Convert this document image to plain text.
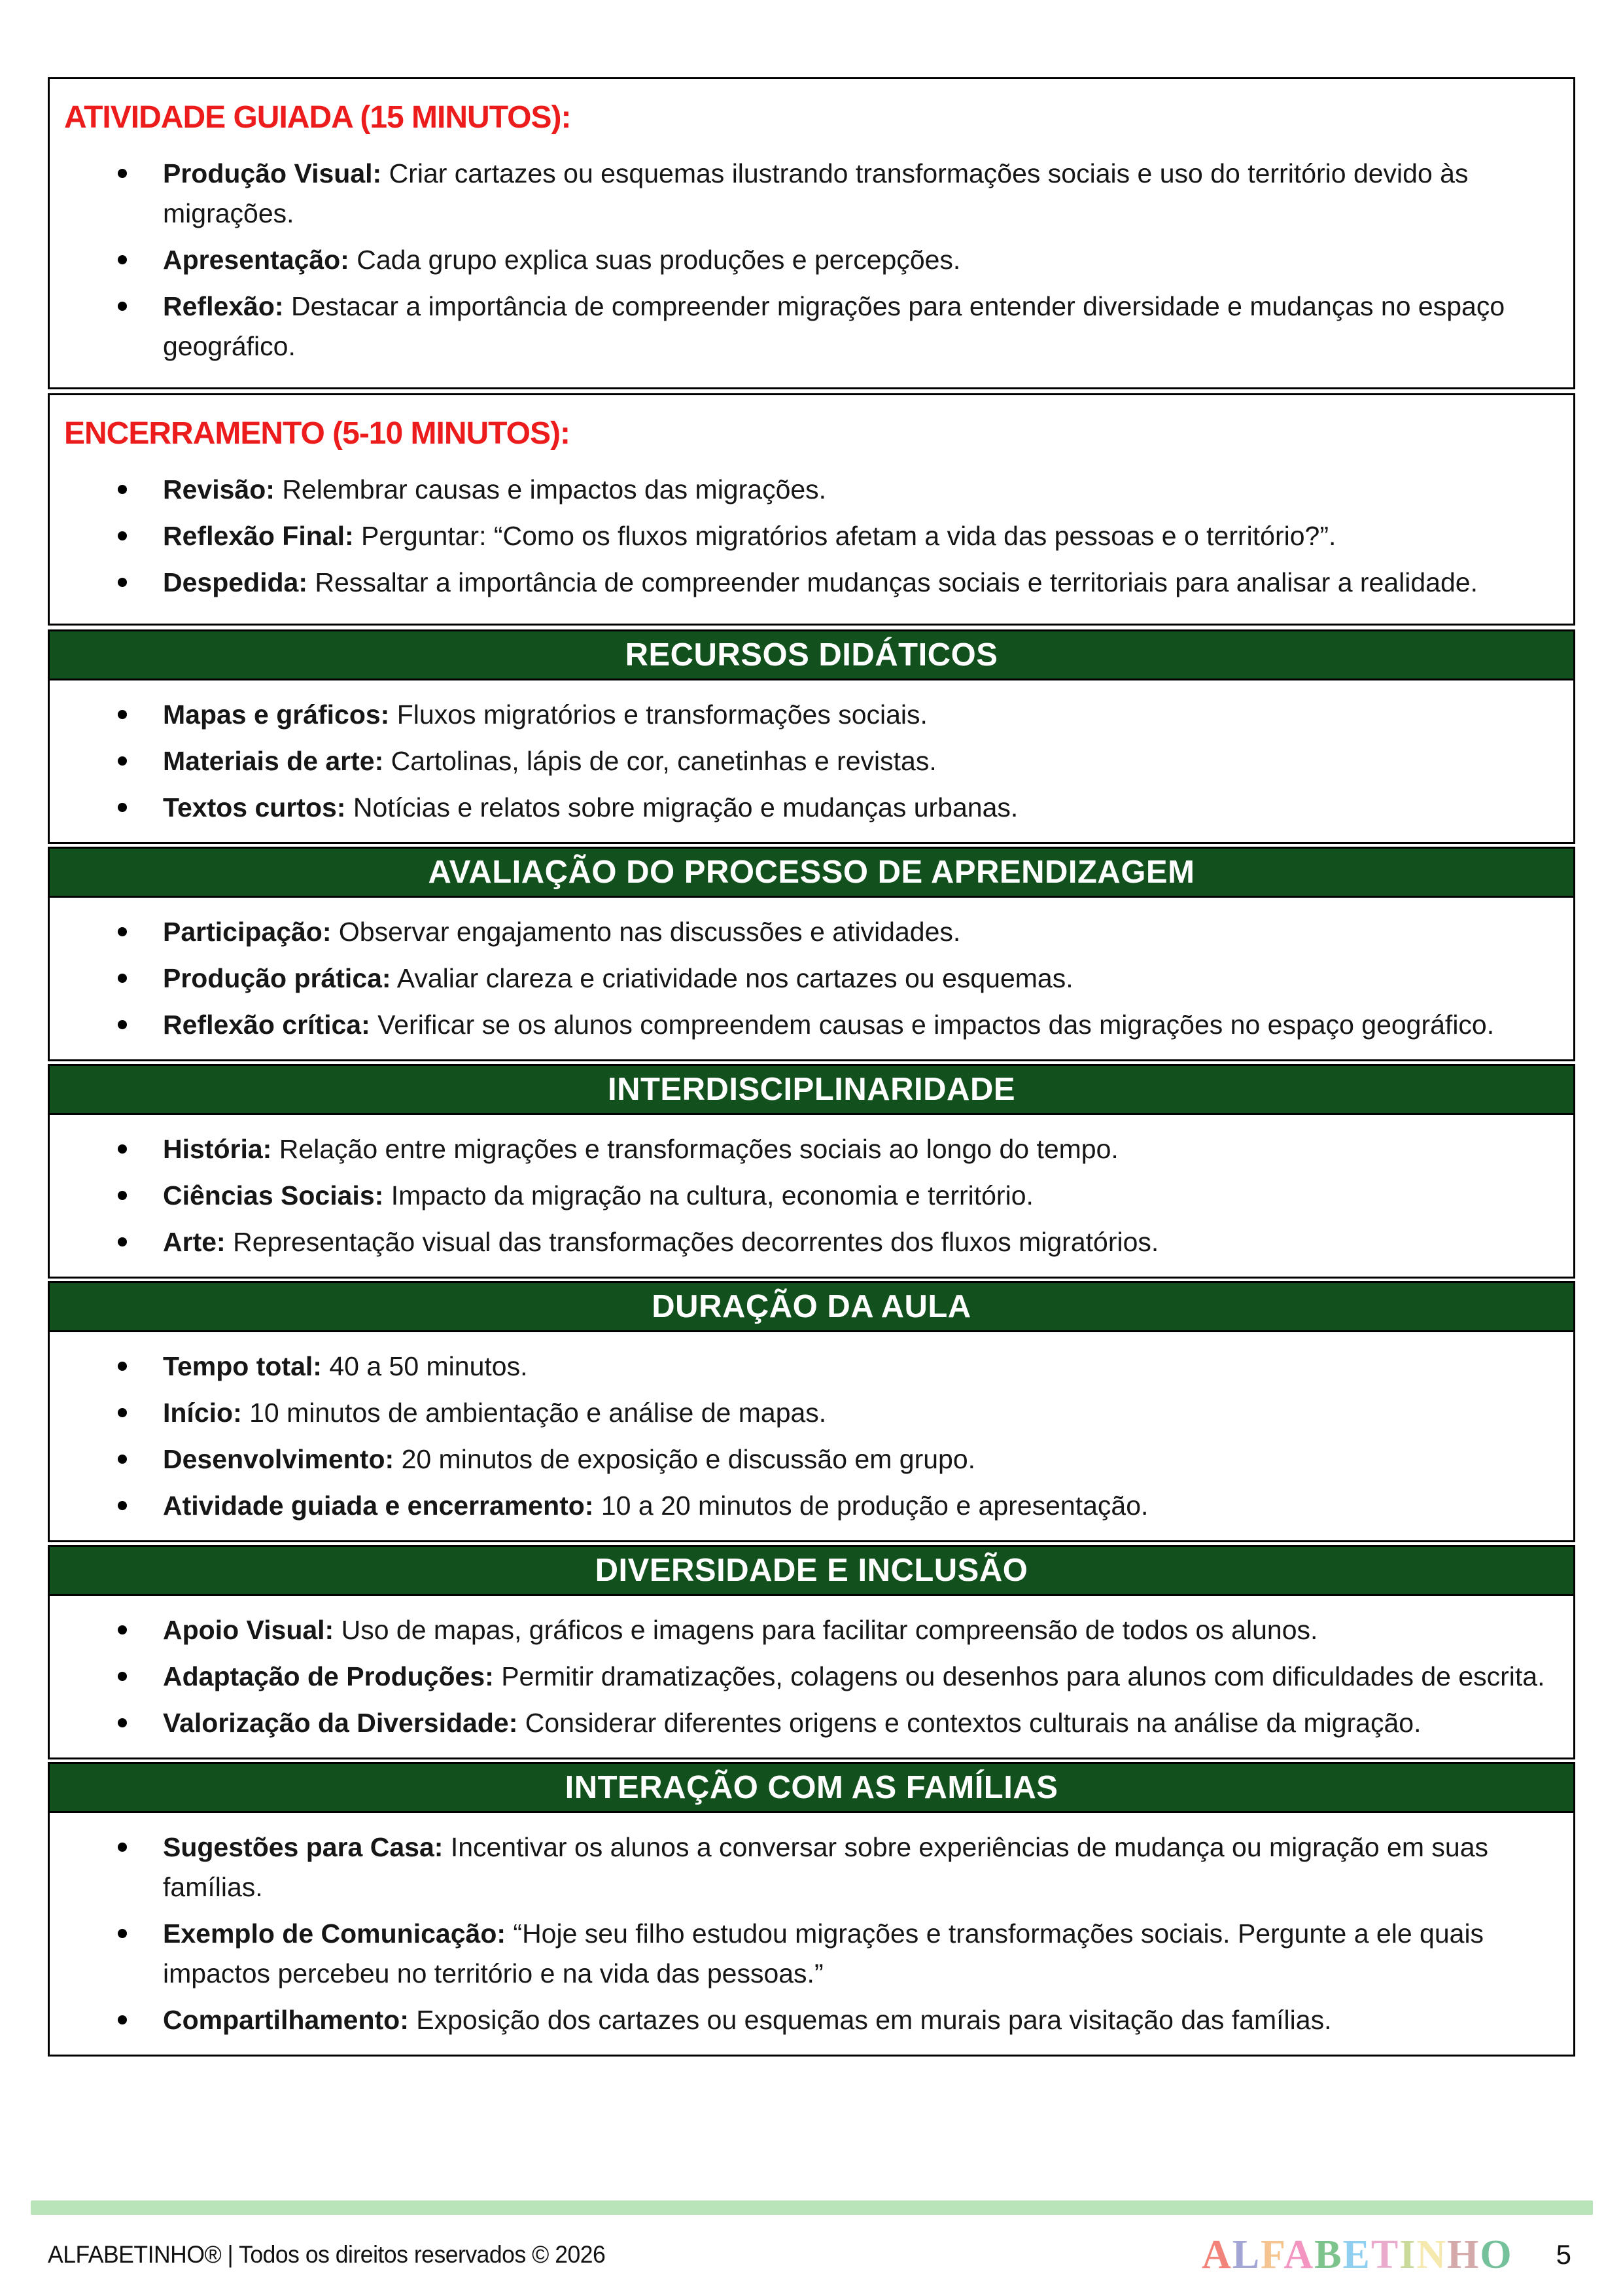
ATIVIDADE GUIADA (15 MINUTOS):
Produção Visual: Criar cartazes ou esquemas ilustrando transformações sociais e uso do território devido às migrações.
Apresentação: Cada grupo explica suas produções e percepções.
Reflexão: Destacar a importância de compreender migrações para entender diversidade e mudanças no espaço geográfico.
ENCERRAMENTO (5-10 MINUTOS):
Revisão: Relembrar causas e impactos das migrações.
Reflexão Final: Perguntar: “Como os fluxos migratórios afetam a vida das pessoas e o território?”.
Despedida: Ressaltar a importância de compreender mudanças sociais e territoriais para analisar a realidade.
RECURSOS DIDÁTICOS
Mapas e gráficos: Fluxos migratórios e transformações sociais.
Materiais de arte: Cartolinas, lápis de cor, canetinhas e revistas.
Textos curtos: Notícias e relatos sobre migração e mudanças urbanas.
AVALIAÇÃO DO PROCESSO DE APRENDIZAGEM
Participação: Observar engajamento nas discussões e atividades.
Produção prática: Avaliar clareza e criatividade nos cartazes ou esquemas.
Reflexão crítica: Verificar se os alunos compreendem causas e impactos das migrações no espaço geográfico.
INTERDISCIPLINARIDADE
História: Relação entre migrações e transformações sociais ao longo do tempo.
Ciências Sociais: Impacto da migração na cultura, economia e território.
Arte: Representação visual das transformações decorrentes dos fluxos migratórios.
DURAÇÃO DA AULA
Tempo total: 40 a 50 minutos.
Início: 10 minutos de ambientação e análise de mapas.
Desenvolvimento: 20 minutos de exposição e discussão em grupo.
Atividade guiada e encerramento: 10 a 20 minutos de produção e apresentação.
DIVERSIDADE E INCLUSÃO
Apoio Visual: Uso de mapas, gráficos e imagens para facilitar compreensão de todos os alunos.
Adaptação de Produções: Permitir dramatizações, colagens ou desenhos para alunos com dificuldades de escrita.
Valorização da Diversidade: Considerar diferentes origens e contextos culturais na análise da migração.
INTERAÇÃO COM AS FAMÍLIAS
Sugestões para Casa: Incentivar os alunos a conversar sobre experiências de mudança ou migração em suas famílias.
Exemplo de Comunicação: “Hoje seu filho estudou migrações e transformações sociais. Pergunte a ele quais impactos percebeu no território e na vida das pessoas.”
Compartilhamento: Exposição dos cartazes ou esquemas em murais para visitação das famílias.
ALFABETINHO® | Todos os direitos reservados © 2026	ALFABETINHO 5
